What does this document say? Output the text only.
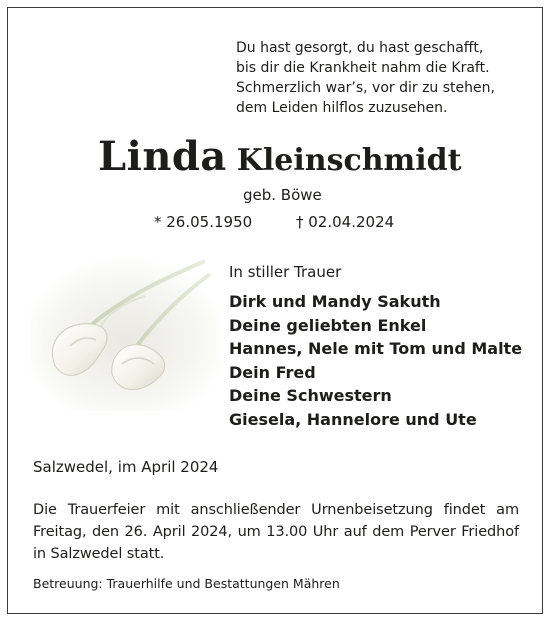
Du hast gesorgt, du hast geschafft,
bis dir die Krankheit nahm die Kraft.
Schmerzlich war’s, vor dir zu stehen,
dem Leiden hilflos zuzusehen.
Linda Kleinschmidt
geb. Böwe
* 26.05.1950	† 02.04.2024
In stiller Trauer
Dirk und Mandy Sakuth
Deine geliebten Enkel
Hannes, Nele mit Tom und Malte
Dein Fred
Deine Schwestern
Giesela, Hannelore und Ute
Salzwedel, im April 2024

Die Trauerfeier mit anschließender Urnenbeisetzung findet am Freitag, den 26. April 2024, um 13.00 Uhr auf dem Perver Friedhof in Salzwedel statt.

Betreuung: Trauerhilfe und Bestattungen Mähren
